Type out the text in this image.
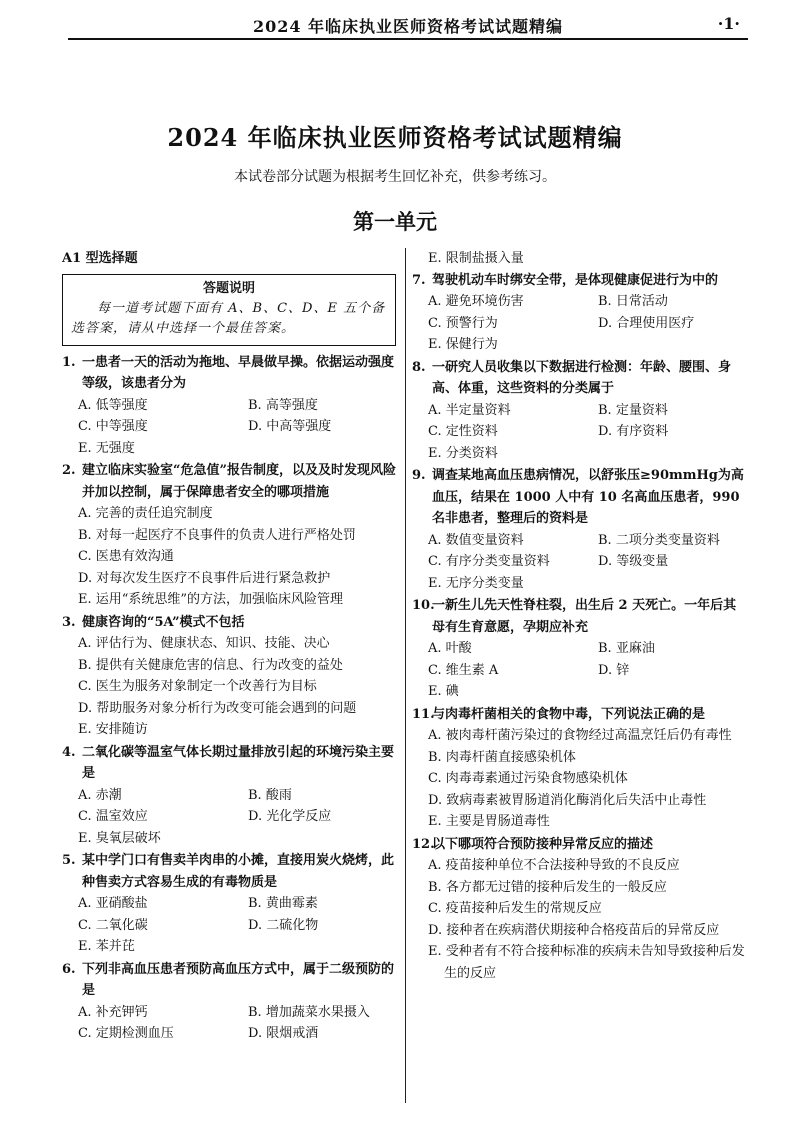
2024 年临床执业医师资格考试试题精编	·1·
2024 年临床执业医师资格考试试题精编
本试卷部分试题为根据考生回忆补充，供参考练习。
第一单元
A1 型选择题
答题说明
每一道考试题下面有 A、B、C、D、E 五个备选答案，请从中选择一个最佳答案。
1. 一患者一天的活动为拖地、早晨做早操。依据运动强度等级，该患者分为
A. 低等强度	B. 高等强度
C. 中等强度	D. 中高等强度
E. 无强度
2. 建立临床实验室“危急值”报告制度，以及及时发现风险并加以控制，属于保障患者安全的哪项措施
A. 完善的责任追究制度
B. 对每一起医疗不良事件的负责人进行严格处罚
C. 医患有效沟通
D. 对每次发生医疗不良事件后进行紧急救护
E. 运用“系统思维”的方法，加强临床风险管理
3. 健康咨询的“5A”模式不包括
A. 评估行为、健康状态、知识、技能、决心
B. 提供有关健康危害的信息、行为改变的益处
C. 医生为服务对象制定一个改善行为目标
D. 帮助服务对象分析行为改变可能会遇到的问题
E. 安排随访
4. 二氧化碳等温室气体长期过量排放引起的环境污染主要是
A. 赤潮	B. 酸雨
C. 温室效应	D. 光化学反应
E. 臭氧层破坏
5. 某中学门口有售卖羊肉串的小摊，直接用炭火烧烤，此种售卖方式容易生成的有毒物质是
A. 亚硝酸盐	B. 黄曲霉素
C. 二氧化碳	D. 二硫化物
E. 苯并芘
6. 下列非高血压患者预防高血压方式中，属于二级预防的是
A. 补充钾钙	B. 增加蔬菜水果摄入
C. 定期检测血压	D. 限烟戒酒
E. 限制盐摄入量
7. 驾驶机动车时绑安全带，是体现健康促进行为中的
A. 避免环境伤害	B. 日常活动
C. 预警行为	D. 合理使用医疗
E. 保健行为
8. 一研究人员收集以下数据进行检测：年龄、腰围、身高、体重，这些资料的分类属于
A. 半定量资料	B. 定量资料
C. 定性资料	D. 有序资料
E. 分类资料
9. 调查某地高血压患病情况，以舒张压≥90mmHg为高血压，结果在 1000 人中有 10 名高血压患者，990 名非患者，整理后的资料是
A. 数值变量资料	B. 二项分类变量资料
C. 有序分类变量资料	D. 等级变量
E. 无序分类变量
10.一新生儿先天性脊柱裂，出生后 2 天死亡。一年后其母有生育意愿，孕期应补充
A. 叶酸	B. 亚麻油
C. 维生素 A	D. 锌
E. 碘
11.与肉毒杆菌相关的食物中毒，下列说法正确的是
A. 被肉毒杆菌污染过的食物经过高温烹饪后仍有毒性
B. 肉毒杆菌直接感染机体
C. 肉毒毒素通过污染食物感染机体
D. 致病毒素被胃肠道消化酶消化后失活中止毒性
E. 主要是胃肠道毒性
12.以下哪项符合预防接种异常反应的描述
A. 疫苗接种单位不合法接种导致的不良反应
B. 各方都无过错的接种后发生的一般反应
C. 疫苗接种后发生的常规反应
D. 接种者在疾病潜伏期接种合格疫苗后的异常反应
E. 受种者有不符合接种标准的疾病未告知导致接种后发生的反应
